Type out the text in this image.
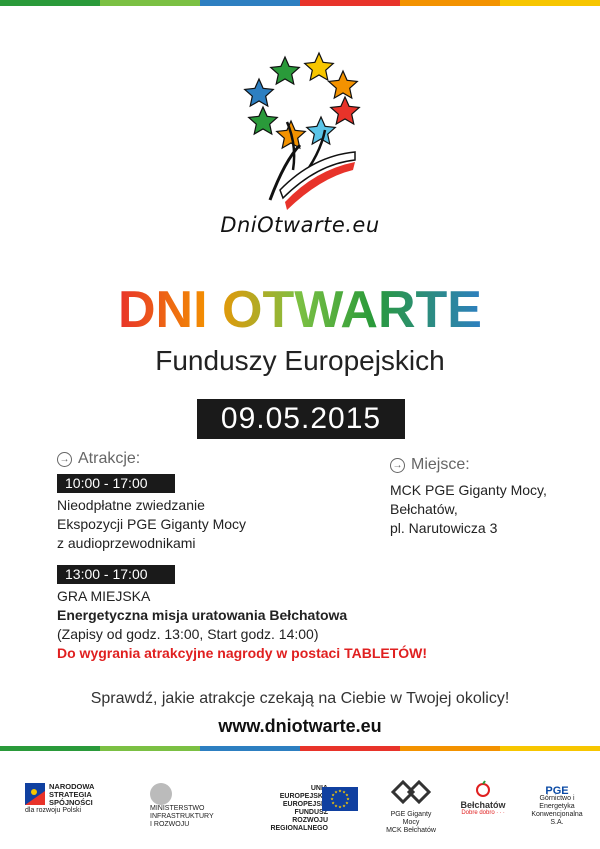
DniOtwarte.eu
DNI OTWARTE
Funduszy Europejskich
09.05.2015
→ Atrakcje:
10:00 - 17:00
Nieodpłatne zwiedzanie
Ekspozycji PGE Giganty Mocy
z audioprzewodnikami
13:00 - 17:00
GRA MIEJSKA
Energetyczna misja uratowania Bełchatowa
(Zapisy od godz. 13:00, Start godz. 14:00)
Do wygrania atrakcyjne nagrody w postaci TABLETÓW!
→ Miejsce:
MCK PGE Giganty Mocy,
Bełchatów,
pl. Narutowicza 3
Sprawdź, jakie atrakcje czekają na Ciebie w Twojej okolicy!
www.dniotwarte.eu
NARODOWA
STRATEGIA SPÓJNOŚCI
dla rozwoju Polski	MINISTERSTWO
INFRASTRUKTURY
I ROZWOJU
UNIA EUROPEJSKA
EUROPEJSKI FUNDUSZ
ROZWOJU REGIONALNEGO
PGE Giganty Mocy
MCK Bełchatów
Bełchatów
Dobre dobro ∙ ∙ ∙
PGE
Górnictwo i Energetyka
Konwencjonalna S.A.
